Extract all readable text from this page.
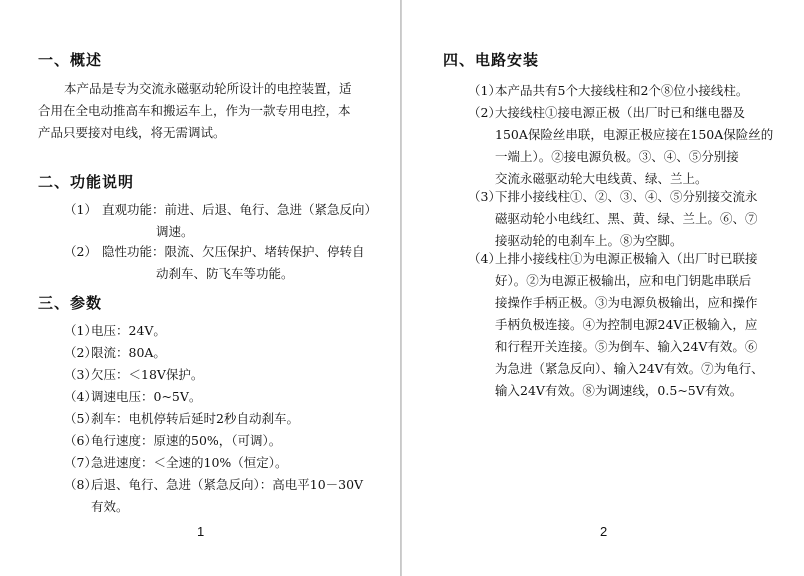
一、概述
本产品是专为交流永磁驱动轮所设计的电控装置，适
合用在全电动推高车和搬运车上，作为一款专用电控，本
产品只要接对电线，将无需调试。
二、功能说明
（1） 直观功能：前进、后退、龟行、急进（紧急反向）
调速。
（2） 隐性功能：限流、欠压保护、堵转保护、停转自
动刹车、防飞车等功能。
三、参数
（1）
电压：24V。
（2）
限流：80A。
（3）
欠压：＜18V保护。
（4）
调速电压：0~5V。
（5）
刹车：电机停转后延时2秒自动刹车。
（6）
龟行速度：原速的50%，（可调）。
（7）
急进速度：＜全速的10%（恒定）。
（8）
后退、龟行、急进（紧急反向）：高电平10－30V
有效。
1
四、电路安装
（1）
本产品共有5个大接线柱和2个⑧位小接线柱。
（2）
大接线柱①接电源正极（出厂时已和继电器及
150A保险丝串联，电源正极应接在150A保险丝的
一端上）。②接电源负极。③、④、⑤分别接
交流永磁驱动轮大电线黄、绿、兰上。
（3）
下排小接线柱①、②、③、④、⑤分别接交流永
磁驱动轮小电线红、黑、黄、绿、兰上。⑥、⑦
接驱动轮的电刹车上。⑧为空脚。
（4）
上排小接线柱①为电源正极输入（出厂时已联接
好）。②为电源正极输出，应和电门钥匙串联后
接操作手柄正极。③为电源负极输出，应和操作
手柄负极连接。④为控制电源24V正极输入，应
和行程开关连接。⑤为倒车、输入24V有效。⑥
为急进（紧急反向）、输入24V有效。⑦为龟行、
输入24V有效。⑧为调速线，0.5~5V有效。
2
